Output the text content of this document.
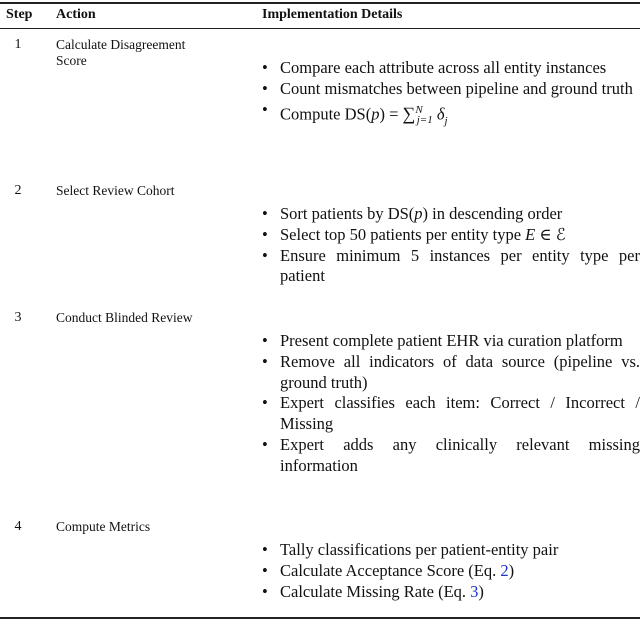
Step Action	Implementation Details
1	Calculate Disagreement Score	• Compare each attribute across all entity instances
• Count mismatches between pipeline and ground truth
• Compute DS(p) = ∑$^N_{j=1}$ $\delta_j$
2	Select Review Cohort
• Sort patients by DS(p) in descending order
• Select top 50 patients per entity type E ∈ ℰ
• Ensure minimum 5 instances per entity type per patient
3	Conduct Blinded Review
• Present complete patient EHR via curation platform
• Remove all indicators of data source (pipeline vs. ground truth)
• Expert classifies each item: Correct / Incorrect / Missing
• Expert adds any clinically relevant missing information
4	Compute Metrics
• Tally classifications per patient-entity pair
• Calculate Acceptance Score (Eq. 2)
• Calculate Missing Rate (Eq. 3)
